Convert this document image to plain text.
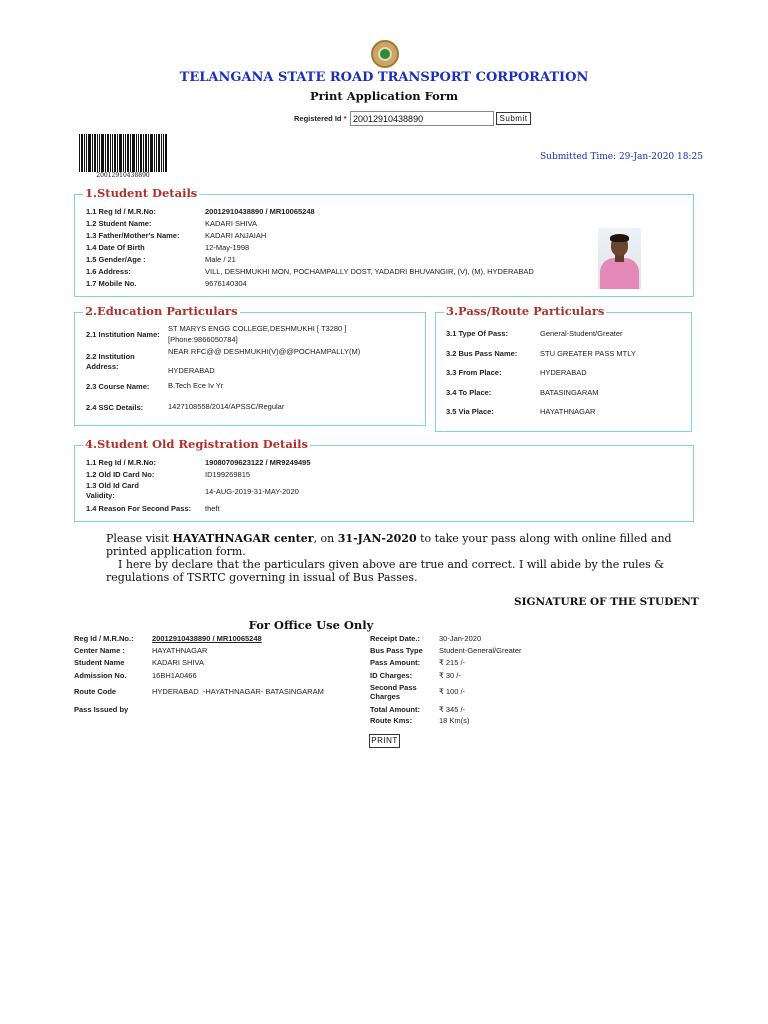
TELANGANA STATE ROAD TRANSPORT CORPORATION
Print Application Form
Registered Id *
20012910438890	Submit
20012910438890
Submitted Time: 29-Jan-2020 18:25
1.Student Details
1.1 Reg Id / M.R.No:	20012910438890 / MR10065248
1.2 Student Name:	KADARI SHIVA
1.3 Father/Mother's Name:	KADARI ANJAIAH
1.4 Date Of Birth	12-May-1998
1.5 Gender/Age :	Male / 21
1.6 Address:	VILL, DESHMUKHI MON, POCHAMPALLY DOST, YADADRI BHUVANGIR, (V), (M), HYDERABAD
1.7 Mobile No.	9676140304
2.Education Particulars
2.1 Institution Name:
ST MARYS ENGG COLLEGE,DESHMUKHI [ T3280 ]
[Phone:9866050784]
2.2 Institution
Address:
NEAR RFC@@ DESHMUKHI(V)@@POCHAMPALLY(M)
HYDERABAD
2.3 Course Name: B.Tech Ece Iv Yr
2.4 SSC Details:	1427108558/2014/APSSC/Regular
3.Pass/Route Particulars
3.1 Type Of Pass:	General-Student/Greater
3.2 Bus Pass Name:	STU GREATER PASS MTLY
3.3 From Place:	HYDERABAD
3.4 To Place:	BATASINGARAM
3.5 Via Place:	HAYATHNAGAR
4.Student Old Registration Details
1.1 Reg Id / M.R.No:	19080709623122 / MR9249495
1.2 Old ID Card No:	ID199269815
1.3 Old Id Card
Validity:	14-AUG-2019-31-MAY-2020
1.4 Reason For Second Pass: theft
Please visit HAYATHNAGAR center, on 31-JAN-2020 to take your pass along with online filled and
printed application form.
I here by declare that the particulars given above are true and correct. I will abide by the rules &
regulations of TSRTC governing in issual of Bus Passes.
SIGNATURE OF THE STUDENT
For Office Use Only
Reg Id / M.R.No.: 20012910438890 / MR10065248
Center Name :	HAYATHNAGAR
Student Name	KADARI SHIVA
Admission No.	16BH1A0466
Route Code	HYDERABAD  -HAYATHNAGAR- BATASINGARAM
Pass Issued by
Receipt Date.:	30-Jan-2020
Bus Pass Type Student-General/Greater
Pass Amount:	₹ 215 /-
ID Charges:	₹ 30 /-
Second Pass
Charges
₹ 100 /-
Total Amount:	₹ 345 /-
Route Kms:	18 Km(s)
PRINT
